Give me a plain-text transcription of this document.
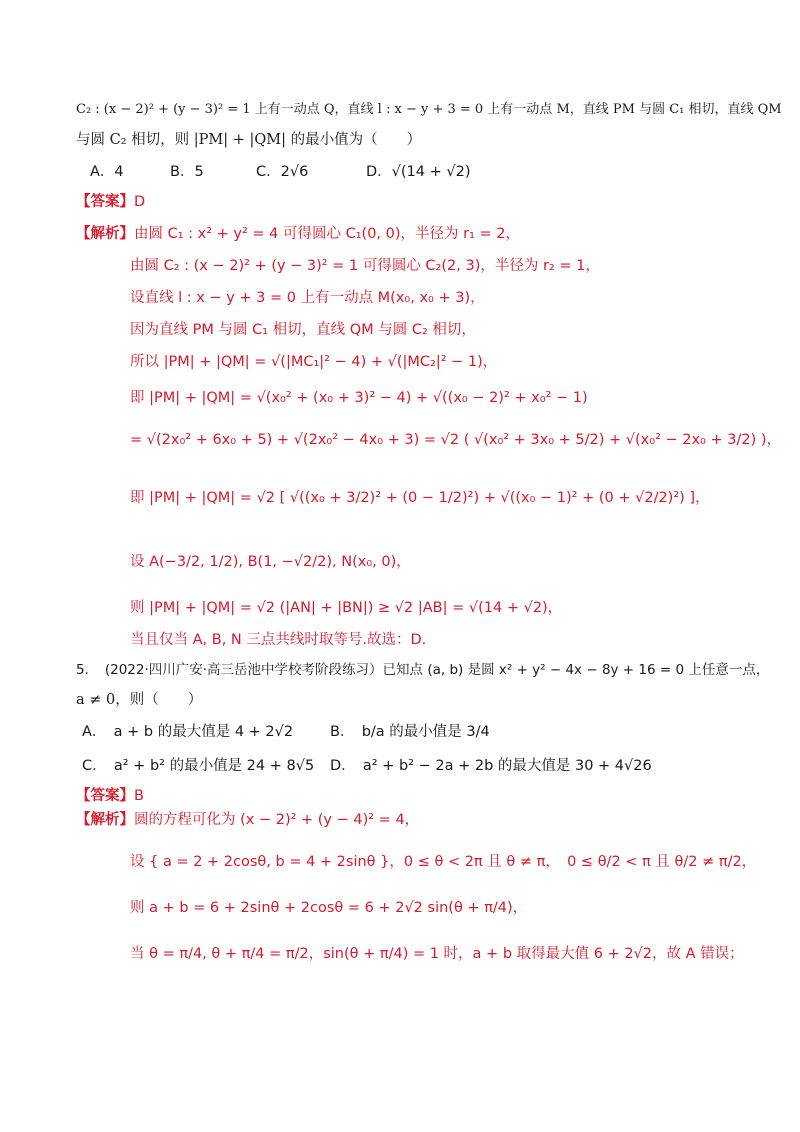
C₂ : (x − 2)² + (y − 3)² = 1 上有一动点 Q，直线 l : x − y + 3 = 0 上有一动点 M，直线 PM 与圆 C₁ 相切，直线 QM
与圆 C₂ 相切，则 |PM| + |QM| 的最小值为（　　）
A．4	B．5	C．2√6	D．√(14 + √2)
【答案】D
【解析】由圆 C₁ : x² + y² = 4 可得圆心 C₁(0, 0)，半径为 r₁ = 2，
由圆 C₂ : (x − 2)² + (y − 3)² = 1 可得圆心 C₂(2, 3)，半径为 r₂ = 1，
设直线 l : x − y + 3 = 0 上有一动点 M(x₀, x₀ + 3)，
因为直线 PM 与圆 C₁ 相切，直线 QM 与圆 C₂ 相切，
所以 |PM| + |QM| = √(|MC₁|² − 4) + √(|MC₂|² − 1)，
即 |PM| + |QM| = √(x₀² + (x₀ + 3)² − 4) + √((x₀ − 2)² + x₀² − 1)
= √(2x₀² + 6x₀ + 5) + √(2x₀² − 4x₀ + 3) = √2 ( √(x₀² + 3x₀ + 5/2) + √(x₀² − 2x₀ + 3/2) )，
即 |PM| + |QM| = √2 [ √((x₀ + 3/2)² + (0 − 1/2)²) + √((x₀ − 1)² + (0 + √2/2)²) ]，
设 A(−3/2, 1/2), B(1, −√2/2), N(x₀, 0)，
则 |PM| + |QM| = √2 (|AN| + |BN|) ≥ √2 |AB| = √(14 + √2)，
当且仅当 A, B, N 三点共线时取等号.故选：D.
5．　(2022·四川广安·高三岳池中学校考阶段练习）已知点 (a, b) 是圆 x² + y² − 4x − 8y + 16 = 0 上任意一点，
a ≠ 0，则（　　）
A．　a + b 的最大值是 4 + 2√2	B．　b/a 的最小值是 3/4
C．　a² + b² 的最小值是 24 + 8√5 D．　a² + b² − 2a + 2b 的最大值是 30 + 4√26
【答案】B
【解析】圆的方程可化为 (x − 2)² + (y − 4)² = 4，
设 { a = 2 + 2cosθ, b = 4 + 2sinθ }，0 ≤ θ < 2π 且 θ ≠ π，　0 ≤ θ/2 < π 且 θ/2 ≠ π/2，
则 a + b = 6 + 2sinθ + 2cosθ = 6 + 2√2 sin(θ + π/4)，
当 θ = π/4, θ + π/4 = π/2，sin(θ + π/4) = 1 时，a + b 取得最大值 6 + 2√2，故 A 错误；
